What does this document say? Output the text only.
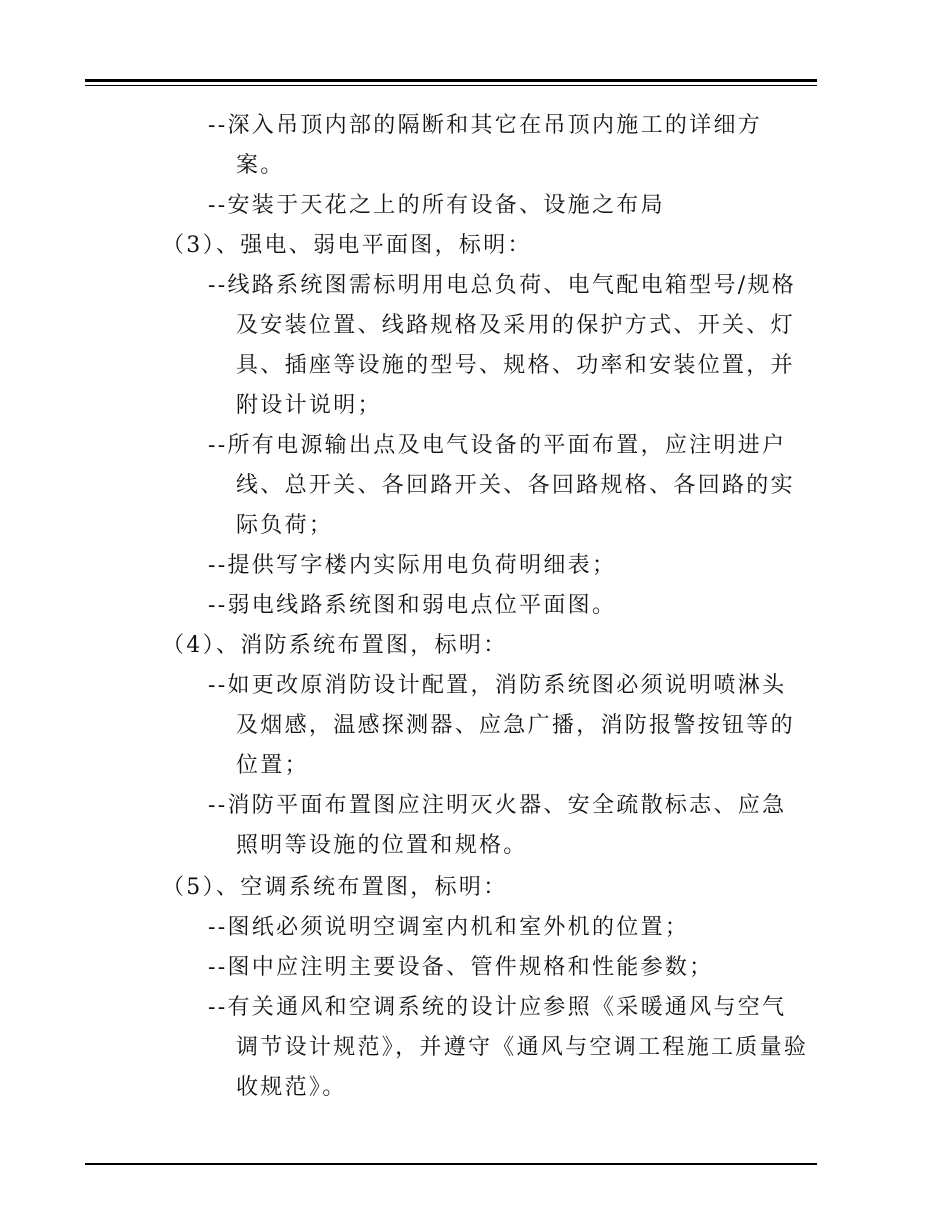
--深入吊顶内部的隔断和其它在吊顶内施工的详细方
案。
--安装于天花之上的所有设备、设施之布局
（3）、强电、弱电平面图，标明：
--线路系统图需标明用电总负荷、电气配电箱型号/规格
及安装位置、线路规格及采用的保护方式、开关、灯
具、插座等设施的型号、规格、功率和安装位置，并
附设计说明；
--所有电源输出点及电气设备的平面布置，应注明进户
线、总开关、各回路开关、各回路规格、各回路的实
际负荷；
--提供写字楼内实际用电负荷明细表；
--弱电线路系统图和弱电点位平面图。
（4）、消防系统布置图，标明：
--如更改原消防设计配置，消防系统图必须说明喷淋头
及烟感，温感探测器、应急广播，消防报警按钮等的
位置；
--消防平面布置图应注明灭火器、安全疏散标志、应急
照明等设施的位置和规格。
（5）、空调系统布置图，标明：
--图纸必须说明空调室内机和室外机的位置；
--图中应注明主要设备、管件规格和性能参数；
--有关通风和空调系统的设计应参照《采暖通风与空气
调节设计规范》，并遵守《通风与空调工程施工质量验
收规范》。
